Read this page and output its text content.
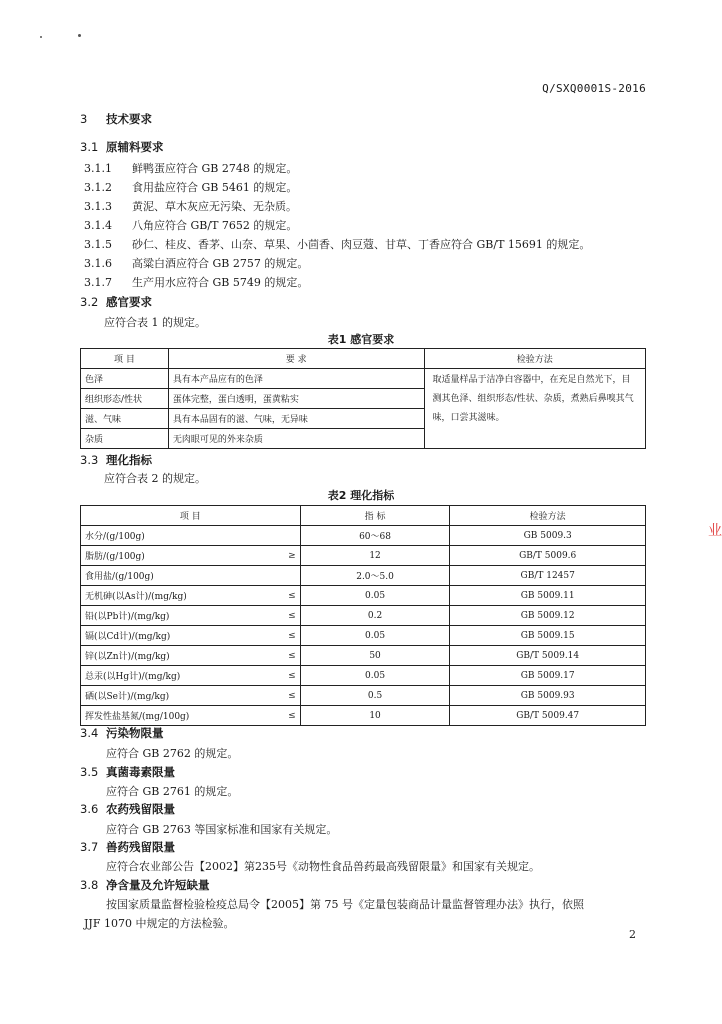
Q/SXQ0001S-2016
3 技术要求
3.1 原辅料要求
3.1.1 鲜鸭蛋应符合 GB 2748 的规定。
3.1.2 食用盐应符合 GB 5461 的规定。
3.1.3 黄泥、草木灰应无污染、无杂质。
3.1.4 八角应符合 GB/T 7652 的规定。
3.1.5 砂仁、桂皮、香茅、山奈、草果、小茴香、肉豆蔻、甘草、丁香应符合 GB/T 15691 的规定。
3.1.6 高粱白酒应符合 GB 2757 的规定。
3.1.7 生产用水应符合 GB 5749 的规定。
3.2 感官要求
应符合表 1 的规定。
表1 感官要求
项 目	要 求	检验方法
色泽	具有本产品应有的色泽	取适量样品于洁净白容器中，在充足自然光下，目测其色泽、组织形态/性状、杂质，煮熟后鼻嗅其气味，口尝其滋味。
组织形态/性状	蛋体完整，蛋白透明，蛋黄粘实	
滋、气味	具有本品固有的滋、气味，无异味	
杂质	无肉眼可见的外来杂质	
3.3 理化指标
应符合表 2 的规定。
表2 理化指标
项 目		指 标	检验方法
水分/(g/100g)		60～68	GB 5009.3
脂肪/(g/100g)	≥	12	GB/T 5009.6
食用盐/(g/100g)		2.0～5.0	GB/T 12457
无机砷(以As计)/(mg/kg)	≤	0.05	GB 5009.11
铅(以Pb计)/(mg/kg)	≤	0.2	GB 5009.12
镉(以Cd计)/(mg/kg)	≤	0.05	GB 5009.15
锌(以Zn计)/(mg/kg)	≤	50	GB/T 5009.14
总汞(以Hg计)/(mg/kg)	≤	0.05	GB 5009.17
硒(以Se计)/(mg/kg)	≤	0.5	GB 5009.93
挥发性盐基氮/(mg/100g)	≤	10	GB/T 5009.47
3.4 污染物限量
应符合 GB 2762 的规定。
3.5 真菌毒素限量
应符合 GB 2761 的规定。
3.6 农药残留限量
应符合 GB 2763 等国家标准和国家有关规定。
3.7 兽药残留限量
应符合农业部公告【2002】第235号《动物性食品兽药最高残留限量》和国家有关规定。
3.8 净含量及允许短缺量
按国家质量监督检验检疫总局令【2005】第 75 号《定量包装商品计量监督管理办法》执行，依照
JJF 1070 中规定的方法检验。
2
业
